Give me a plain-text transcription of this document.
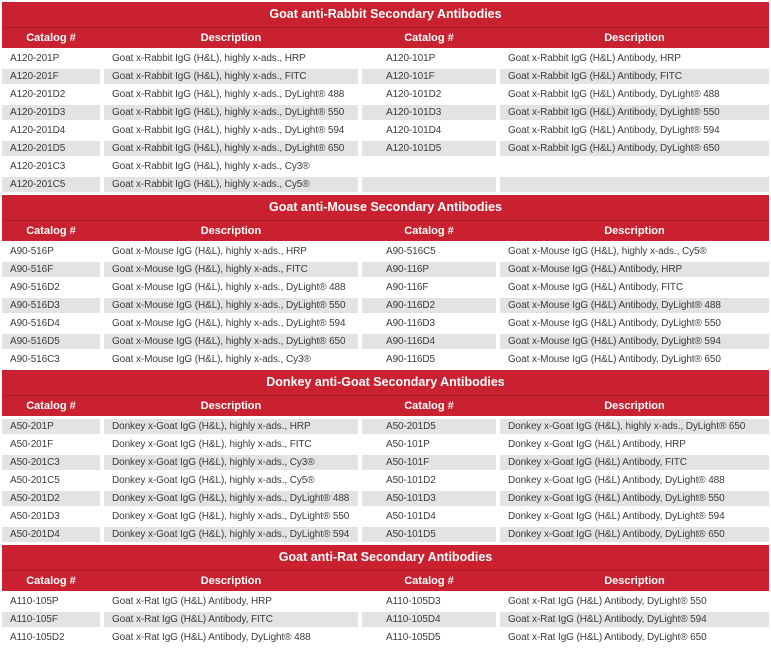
Goat anti-Rabbit Secondary Antibodies
Catalog #	Description	Catalog #	Description
A120-201P	Goat x-Rabbit IgG (H&L), highly x-ads., HRP	A120-101P	Goat x-Rabbit IgG (H&L) Antibody, HRP
A120-201F	Goat x-Rabbit IgG (H&L), highly x-ads., FITC	A120-101F	Goat x-Rabbit IgG (H&L) Antibody, FITC
A120-201D2	Goat x-Rabbit IgG (H&L), highly x-ads., DyLight® 488	A120-101D2	Goat x-Rabbit IgG (H&L) Antibody, DyLight® 488
A120-201D3	Goat x-Rabbit IgG (H&L), highly x-ads., DyLight® 550	A120-101D3	Goat x-Rabbit IgG (H&L) Antibody, DyLight® 550
A120-201D4	Goat x-Rabbit IgG (H&L), highly x-ads., DyLight® 594	A120-101D4	Goat x-Rabbit IgG (H&L) Antibody, DyLight® 594
A120-201D5	Goat x-Rabbit IgG (H&L), highly x-ads., DyLight® 650	A120-101D5	Goat x-Rabbit IgG (H&L) Antibody, DyLight® 650
A120-201C3	Goat x-Rabbit IgG (H&L), highly x-ads., Cy3®
A120-201C5	Goat x-Rabbit IgG (H&L), highly x-ads., Cy5®
Goat anti-Mouse Secondary Antibodies
Catalog #	Description	Catalog #	Description
A90-516P	Goat x-Mouse IgG (H&L), highly x-ads., HRP	A90-516C5	Goat x-Mouse IgG (H&L), highly x-ads., Cy5®
A90-516F	Goat x-Mouse IgG (H&L), highly x-ads., FITC	A90-116P	Goat x-Mouse IgG (H&L) Antibody, HRP
A90-516D2	Goat x-Mouse IgG (H&L), highly x-ads., DyLight® 488	A90-116F	Goat x-Mouse IgG (H&L) Antibody, FITC
A90-516D3	Goat x-Mouse IgG (H&L), highly x-ads., DyLight® 550	A90-116D2	Goat x-Mouse IgG (H&L) Antibody, DyLight® 488
A90-516D4	Goat x-Mouse IgG (H&L), highly x-ads., DyLight® 594	A90-116D3	Goat x-Mouse IgG (H&L) Antibody, DyLight® 550
A90-516D5	Goat x-Mouse IgG (H&L), highly x-ads., DyLight® 650	A90-116D4	Goat x-Mouse IgG (H&L) Antibody, DyLight® 594
A90-516C3	Goat x-Mouse IgG (H&L), highly x-ads., Cy3®	A90-116D5	Goat x-Mouse IgG (H&L) Antibody, DyLight® 650
Donkey anti-Goat Secondary Antibodies
Catalog #	Description	Catalog #	Description
A50-201P	Donkey x-Goat IgG (H&L), highly x-ads., HRP	A50-201D5	Donkey x-Goat IgG (H&L), highly x-ads., DyLight® 650
A50-201F	Donkey x-Goat IgG (H&L), highly x-ads., FITC	A50-101P	Donkey x-Goat IgG (H&L) Antibody, HRP
A50-201C3	Donkey x-Goat IgG (H&L), highly x-ads., Cy3®	A50-101F	Donkey x-Goat IgG (H&L) Antibody, FITC
A50-201C5	Donkey x-Goat IgG (H&L), highly x-ads., Cy5®	A50-101D2	Donkey x-Goat IgG (H&L) Antibody, DyLight® 488
A50-201D2	Donkey x-Goat IgG (H&L), highly x-ads., DyLight® 488	A50-101D3	Donkey x-Goat IgG (H&L) Antibody, DyLight® 550
A50-201D3	Donkey x-Goat IgG (H&L), highly x-ads., DyLight® 550	A50-101D4	Donkey x-Goat IgG (H&L) Antibody, DyLight® 594
A50-201D4	Donkey x-Goat IgG (H&L), highly x-ads., DyLight® 594	A50-101D5	Donkey x-Goat IgG (H&L) Antibody, DyLight® 650
Goat anti-Rat Secondary Antibodies
Catalog #	Description	Catalog #	Description
A110-105P	Goat x-Rat IgG (H&L) Antibody, HRP	A110-105D3	Goat x-Rat IgG (H&L) Antibody, DyLight® 550
A110-105F	Goat x-Rat IgG (H&L) Antibody, FITC	A110-105D4	Goat x-Rat IgG (H&L) Antibody, DyLight® 594
A110-105D2	Goat x-Rat IgG (H&L) Antibody, DyLight® 488	A110-105D5	Goat x-Rat IgG (H&L) Antibody, DyLight® 650
